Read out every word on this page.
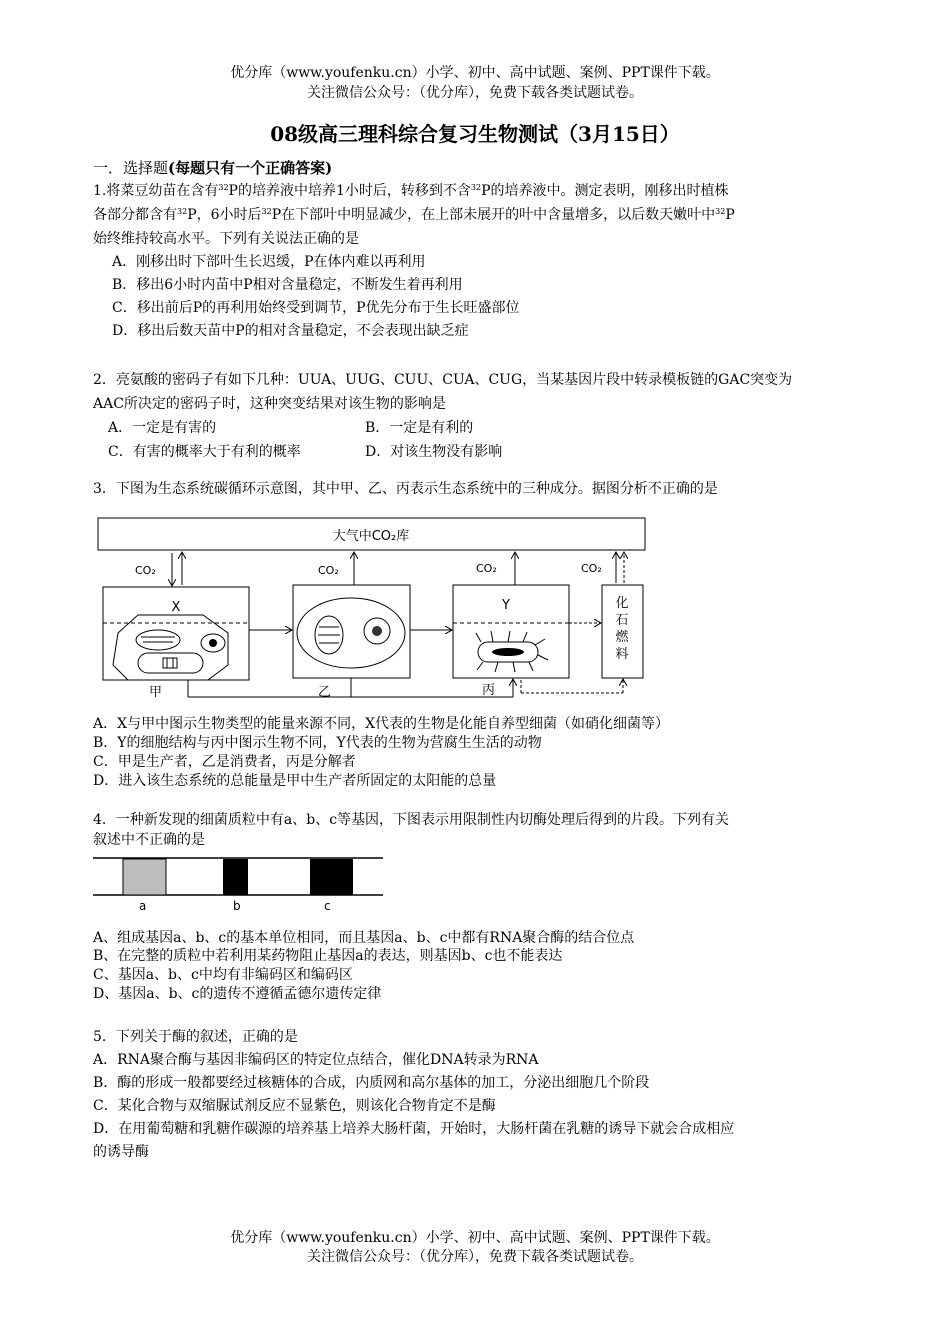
优分库（www.youfenku.cn）小学、初中、高中试题、案例、PPT课件下载。
关注微信公众号：（优分库），免费下载各类试题试卷。
08级高三理科综合复习生物测试（3月15日）
一．选择题(每题只有一个正确答案)
1.将菜豆幼苗在含有$^{32}$P的培养液中培养1小时后，转移到不含$^{32}$P的培养液中。测定表明，刚移出时植株
各部分都含有$^{32}$P，6小时后$^{32}$P在下部叶中明显减少，在上部未展开的叶中含量增多，以后数天嫩叶中$^{32}$P
始终维持较高水平。下列有关说法正确的是
A．刚移出时下部叶生长迟缓，P在体内难以再利用
B．移出6小时内苗中P相对含量稳定，不断发生着再利用
C．移出前后P的再利用始终受到调节，P优先分布于生长旺盛部位
D．移出后数天苗中P的相对含量稳定，不会表现出缺乏症
2．亮氨酸的密码子有如下几种：UUA、UUG、CUU、CUA、CUG，当某基因片段中转录模板链的GAC突变为
AAC所决定的密码子时，这种突变结果对该生物的影响是
A．一定是有害的	B．一定是有利的
C．有害的概率大于有利的概率	D．对该生物没有影响
3．下图为生态系统碳循环示意图，其中甲、乙、丙表示生态系统中的三种成分。据图分析不正确的是
大气中CO₂库
CO₂	CO₂	CO₂	CO₂
X	Y	化
石
燃
料
甲	乙	丙
A．X与甲中图示生物类型的能量来源不同，X代表的生物是化能自养型细菌（如硝化细菌等）
B．Y的细胞结构与丙中图示生物不同，Y代表的生物为营腐生生活的动物
C．甲是生产者，乙是消费者，丙是分解者
D．进入该生态系统的总能量是甲中生产者所固定的太阳能的总量
4．一种新发现的细菌质粒中有a、b、c等基因，下图表示用限制性内切酶处理后得到的片段。下列有关
叙述中不正确的是
a	b	c
A、组成基因a、b、c的基本单位相同，而且基因a、b、c中都有RNA聚合酶的结合位点
B、在完整的质粒中若利用某药物阻止基因a的表达，则基因b、c也不能表达
C、基因a、b、c中均有非编码区和编码区
D、基因a、b、c的遗传不遵循孟德尔遗传定律
5．下列关于酶的叙述，正确的是
A．RNA聚合酶与基因非编码区的特定位点结合，催化DNA转录为RNA
B．酶的形成一般都要经过核糖体的合成，内质网和高尔基体的加工，分泌出细胞几个阶段
C．某化合物与双缩脲试剂反应不显紫色，则该化合物肯定不是酶
D．在用葡萄糖和乳糖作碳源的培养基上培养大肠杆菌，开始时，大肠杆菌在乳糖的诱导下就会合成相应
的诱导酶
优分库（www.youfenku.cn）小学、初中、高中试题、案例、PPT课件下载。
关注微信公众号：（优分库），免费下载各类试题试卷。
